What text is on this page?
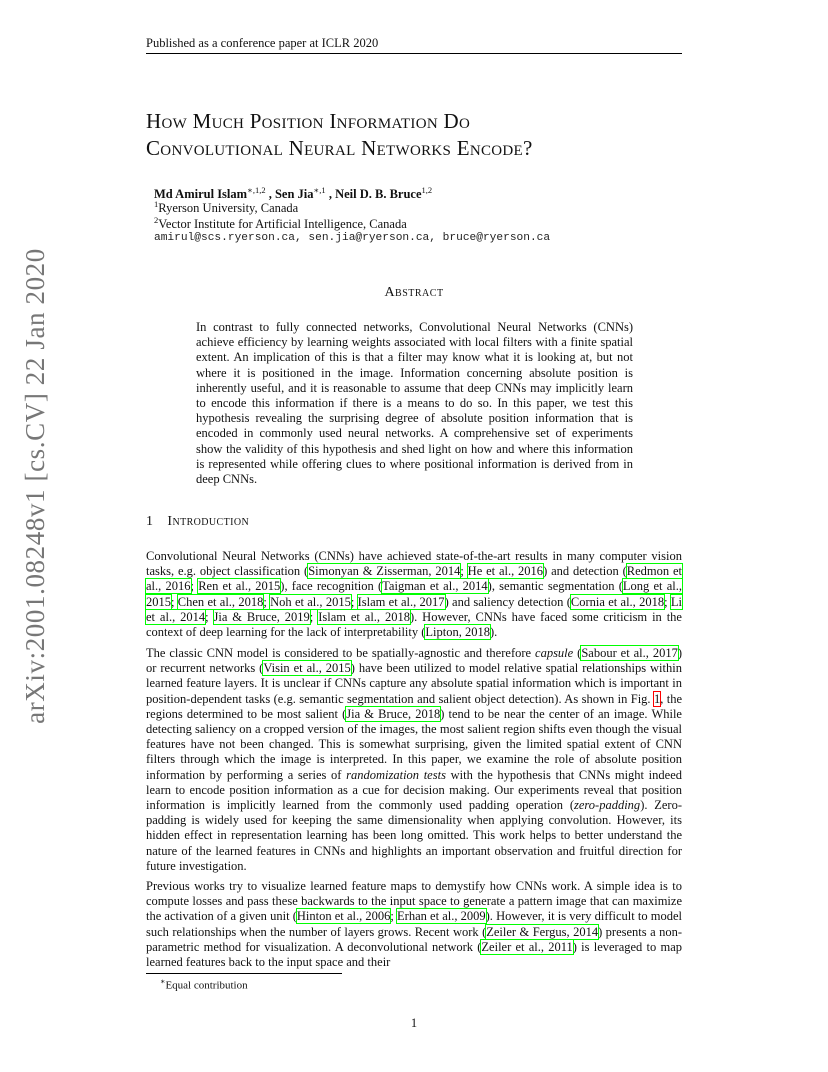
Published as a conference paper at ICLR 2020
arXiv:2001.08248v1 [cs.CV] 22 Jan 2020
How Much Position Information Do
Convolutional Neural Networks Encode?
Md Amirul Islam$^{∗,1,2}$ , Sen Jia$^{∗,1}$ , Neil D. B. Bruce$^{1,2}$
$^1$Ryerson University, Canada
$^2$Vector Institute for Artificial Intelligence, Canada
amirul@scs.ryerson.ca, sen.jia@ryerson.ca, bruce@ryerson.ca
Abstract
In contrast to fully connected networks, Convolutional Neural Networks (CNNs) achieve efficiency by learning weights associated with local filters with a finite spatial extent. An implication of this is that a filter may know what it is looking at, but not where it is positioned in the image. Information concerning absolute position is inherently useful, and it is reasonable to assume that deep CNNs may implicitly learn to encode this information if there is a means to do so. In this paper, we test this hypothesis revealing the surprising degree of absolute position information that is encoded in commonly used neural networks. A comprehensive set of experiments show the validity of this hypothesis and shed light on how and where this information is represented while offering clues to where positional information is derived from in deep CNNs.
1 Introduction
Convolutional Neural Networks (CNNs) have achieved state-of-the-art results in many computer vision tasks, e.g. object classification (Simonyan & Zisserman, 2014; He et al., 2016) and detection (Redmon et al., 2016; Ren et al., 2015), face recognition (Taigman et al., 2014), semantic segmentation (Long et al., 2015; Chen et al., 2018; Noh et al., 2015; Islam et al., 2017) and saliency detection (Cornia et al., 2018; Li et al., 2014; Jia & Bruce, 2019; Islam et al., 2018). However, CNNs have faced some criticism in the context of deep learning for the lack of interpretability (Lipton, 2018).
The classic CNN model is considered to be spatially-agnostic and therefore capsule (Sabour et al., 2017) or recurrent networks (Visin et al., 2015) have been utilized to model relative spatial relationships within learned feature layers. It is unclear if CNNs capture any absolute spatial information which is important in position-dependent tasks (e.g. semantic segmentation and salient object detection). As shown in Fig. 1, the regions determined to be most salient (Jia & Bruce, 2018) tend to be near the center of an image. While detecting saliency on a cropped version of the images, the most salient region shifts even though the visual features have not been changed. This is somewhat surprising, given the limited spatial extent of CNN filters through which the image is interpreted. In this paper, we examine the role of absolute position information by performing a series of randomization tests with the hypothesis that CNNs might indeed learn to encode position information as a cue for decision making. Our experiments reveal that position information is implicitly learned from the commonly used padding operation (zero-padding). Zero-padding is widely used for keeping the same dimensionality when applying convolution. However, its hidden effect in representation learning has been long omitted. This work helps to better understand the nature of the learned features in CNNs and highlights an important observation and fruitful direction for future investigation.
Previous works try to visualize learned feature maps to demystify how CNNs work. A simple idea is to compute losses and pass these backwards to the input space to generate a pattern image that can maximize the activation of a given unit (Hinton et al., 2006; Erhan et al., 2009). However, it is very difficult to model such relationships when the number of layers grows. Recent work (Zeiler & Fergus, 2014) presents a non-parametric method for visualization. A deconvolutional network (Zeiler et al., 2011) is leveraged to map learned features back to the input space and their
∗Equal contribution
1
